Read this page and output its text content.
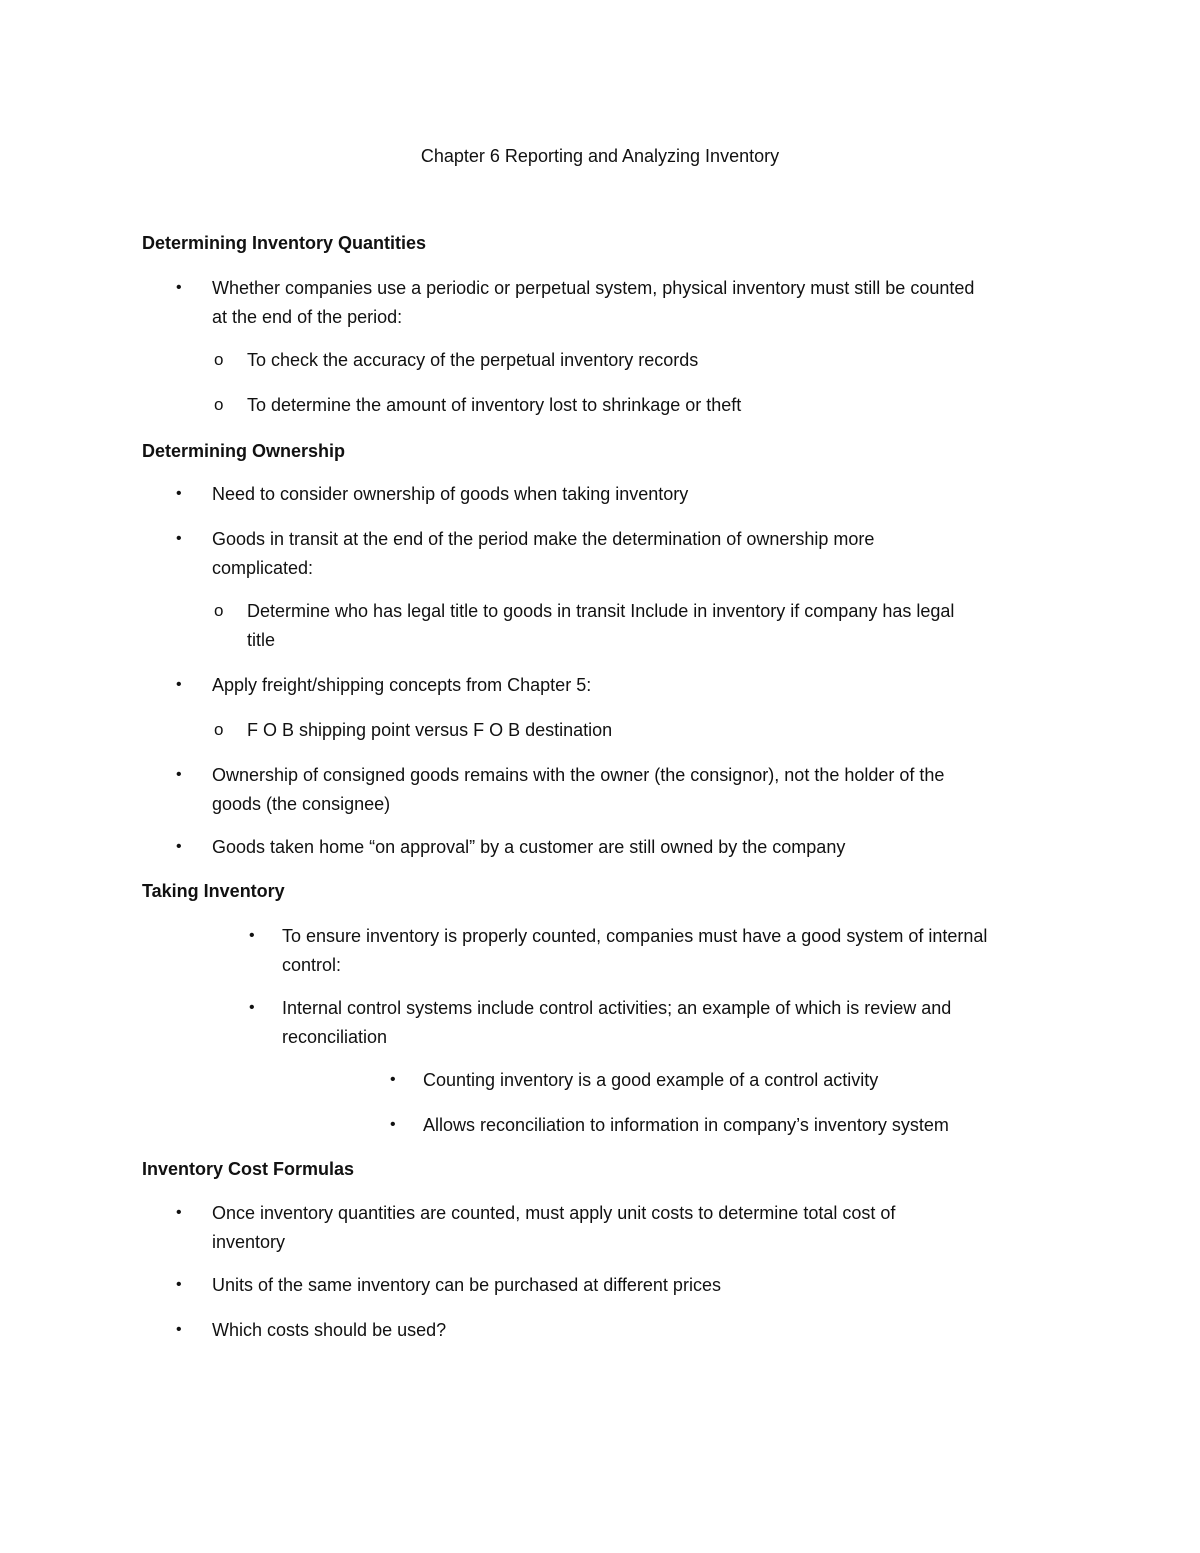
Chapter 6 Reporting and Analyzing Inventory
Determining Inventory Quantities
• Whether companies use a periodic or perpetual system, physical inventory must still be counted
at the end of the period:
o To check the accuracy of the perpetual inventory records
o To determine the amount of inventory lost to shrinkage or theft
Determining Ownership
• Need to consider ownership of goods when taking inventory
• Goods in transit at the end of the period make the determination of ownership more
complicated:
o Determine who has legal title to goods in transit Include in inventory if company has legal
title
• Apply freight/shipping concepts from Chapter 5:
o F O B shipping point versus F O B destination
• Ownership of consigned goods remains with the owner (the consignor), not the holder of the
goods (the consignee)
• Goods taken home “on approval” by a customer are still owned by the company
Taking Inventory
• To ensure inventory is properly counted, companies must have a good system of internal
control:
• Internal control systems include control activities; an example of which is review and
reconciliation
• Counting inventory is a good example of a control activity
• Allows reconciliation to information in company’s inventory system
Inventory Cost Formulas
• Once inventory quantities are counted, must apply unit costs to determine total cost of
inventory
• Units of the same inventory can be purchased at different prices
• Which costs should be used?
